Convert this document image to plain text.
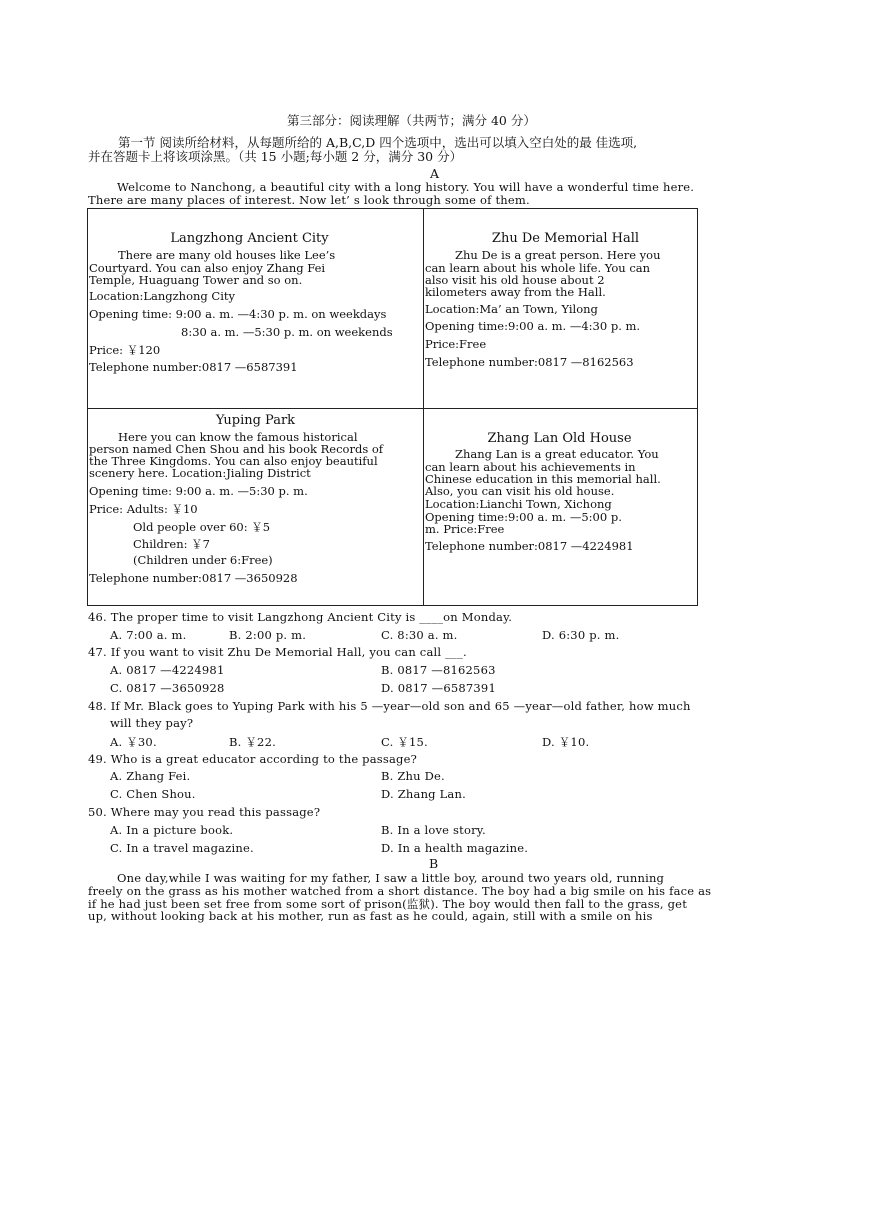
第三部分：阅读理解（共两节；满分 40 分）
第一节 阅读所给材料，从每题所给的 A,B,C,D 四个选项中，选出可以填入空白处的最 佳选项,
并在答题卡上将该项涂黑。（共 15 小题;每小题 2 分，满分 30 分）
A
Welcome to Nanchong, a beautiful city with a long history. You will have a wonderful time here.
There are many places of interest. Now let’ s look through some of them.
Langzhong Ancient City
There are many old houses like Lee’s
Courtyard. You can also enjoy Zhang Fei
Temple, Huaguang Tower and so on.
Location:Langzhong City
Opening time: 9:00 a. m. —4:30 p. m. on weekdays
8:30 a. m. —5:30 p. m. on weekends
Price: ￥120
Telephone number:0817 —6587391
Zhu De Memorial Hall
Zhu De is a great person. Here you
can learn about his whole life. You can
also visit his old house about 2
kilometers away from the Hall.
Location:Ma’ an Town, Yilong
Opening time:9:00 a. m. —4:30 p. m.
Price:Free
Telephone number:0817 —8162563
Yuping Park
Here you can know the famous historical
person named Chen Shou and his book Records of
the Three Kingdoms. You can also enjoy beautiful
scenery here. Location:Jialing District
Opening time: 9:00 a. m. —5:30 p. m.
Price: Adults: ￥10
Old people over 60: ￥5
Children: ￥7
(Children under 6:Free)
Telephone number:0817 —3650928
Zhang Lan Old House
Zhang Lan is a great educator. You
can learn about his achievements in
Chinese education in this memorial hall.
Also, you can visit his old house.
Location:Lianchi Town, Xichong
Opening time:9:00 a. m. —5:00 p.
m. Price:Free
Telephone number:0817 —4224981
46. The proper time to visit Langzhong Ancient City is ____on Monday.
A. 7:00 a. m.	B. 2:00 p. m.	C. 8:30 a. m.	D. 6:30 p. m.
47. If you want to visit Zhu De Memorial Hall, you can call ___.
A. 0817 —4224981	B. 0817 —8162563
C. 0817 —3650928	D. 0817 —6587391
48. If Mr. Black goes to Yuping Park with his 5 —year—old son and 65 —year—old father, how much
will they pay?
A. ￥30.	B. ￥22.	C. ￥15.	D. ￥10.
49. Who is a great educator according to the passage?
A. Zhang Fei.	B. Zhu De.
C. Chen Shou.	D. Zhang Lan.
50. Where may you read this passage?
A. In a picture book.	B. In a love story.
C. In a travel magazine.	D. In a health magazine.
B
One day,while I was waiting for my father, I saw a little boy, around two years old, running
freely on the grass as his mother watched from a short distance. The boy had a big smile on his face as
if he had just been set free from some sort of prison(监狱). The boy would then fall to the grass, get
up, without looking back at his mother, run as fast as he could, again, still with a smile on his
